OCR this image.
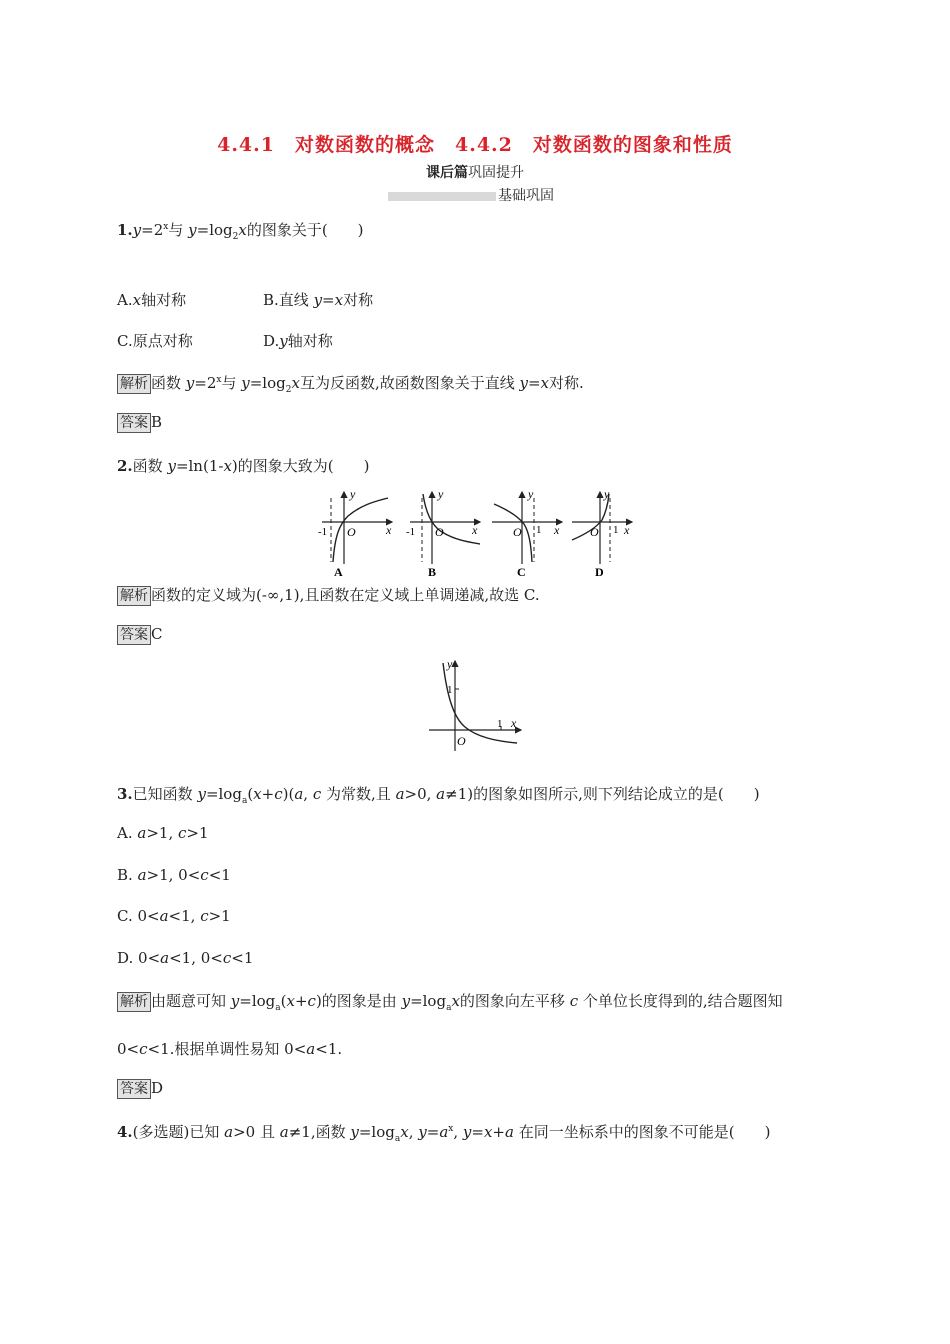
4.4.1　对数函数的概念　4.4.2　对数函数的图象和性质
课后篇巩固提升
基础巩固
$1.y=2^x$与 $y=\log_2x$的图象关于(　　)
A.x轴对称	B.直线 y=x对称
C.原点对称	D.y轴对称
解析 函数 $y=2^x$与 $y=\log_2x$互为反函数,故函数图象关于直线 y=x对称.
答案 B
2.函数 y=ln(1-x)的图象大致为(　　)
y
x
O
-1
A
y
x
O
-1
B
y
x
O 1
C
y
x
O 1
D
解析 函数的定义域为(-∞,1),且函数在定义域上单调递减,故选 C.
答案 C
y
x
1
1
O
3.已知函数 $y=\log_a(x+c)(a$, c 为常数,且 a>0, a≠1)的图象如图所示,则下列结论成立的是(　　)
A. a>1, c>1
B. a>1, 0<c<1
C. 0<a<1, c>1
D. 0<a<1, 0<c<1
解析 由题意可知 $y=\log_a(x+c)$的图象是由 $y=\log_ax$的图象向左平移 c 个单位长度得到的,结合题图知
0<c<1.根据单调性易知 0<a<1.
答案 D
4.(多选题)已知 a>0 且 a≠1,函数 $y=\log_ax$, $y=a^x$, y=x+a 在同一坐标系中的图象不可能是(　　)
